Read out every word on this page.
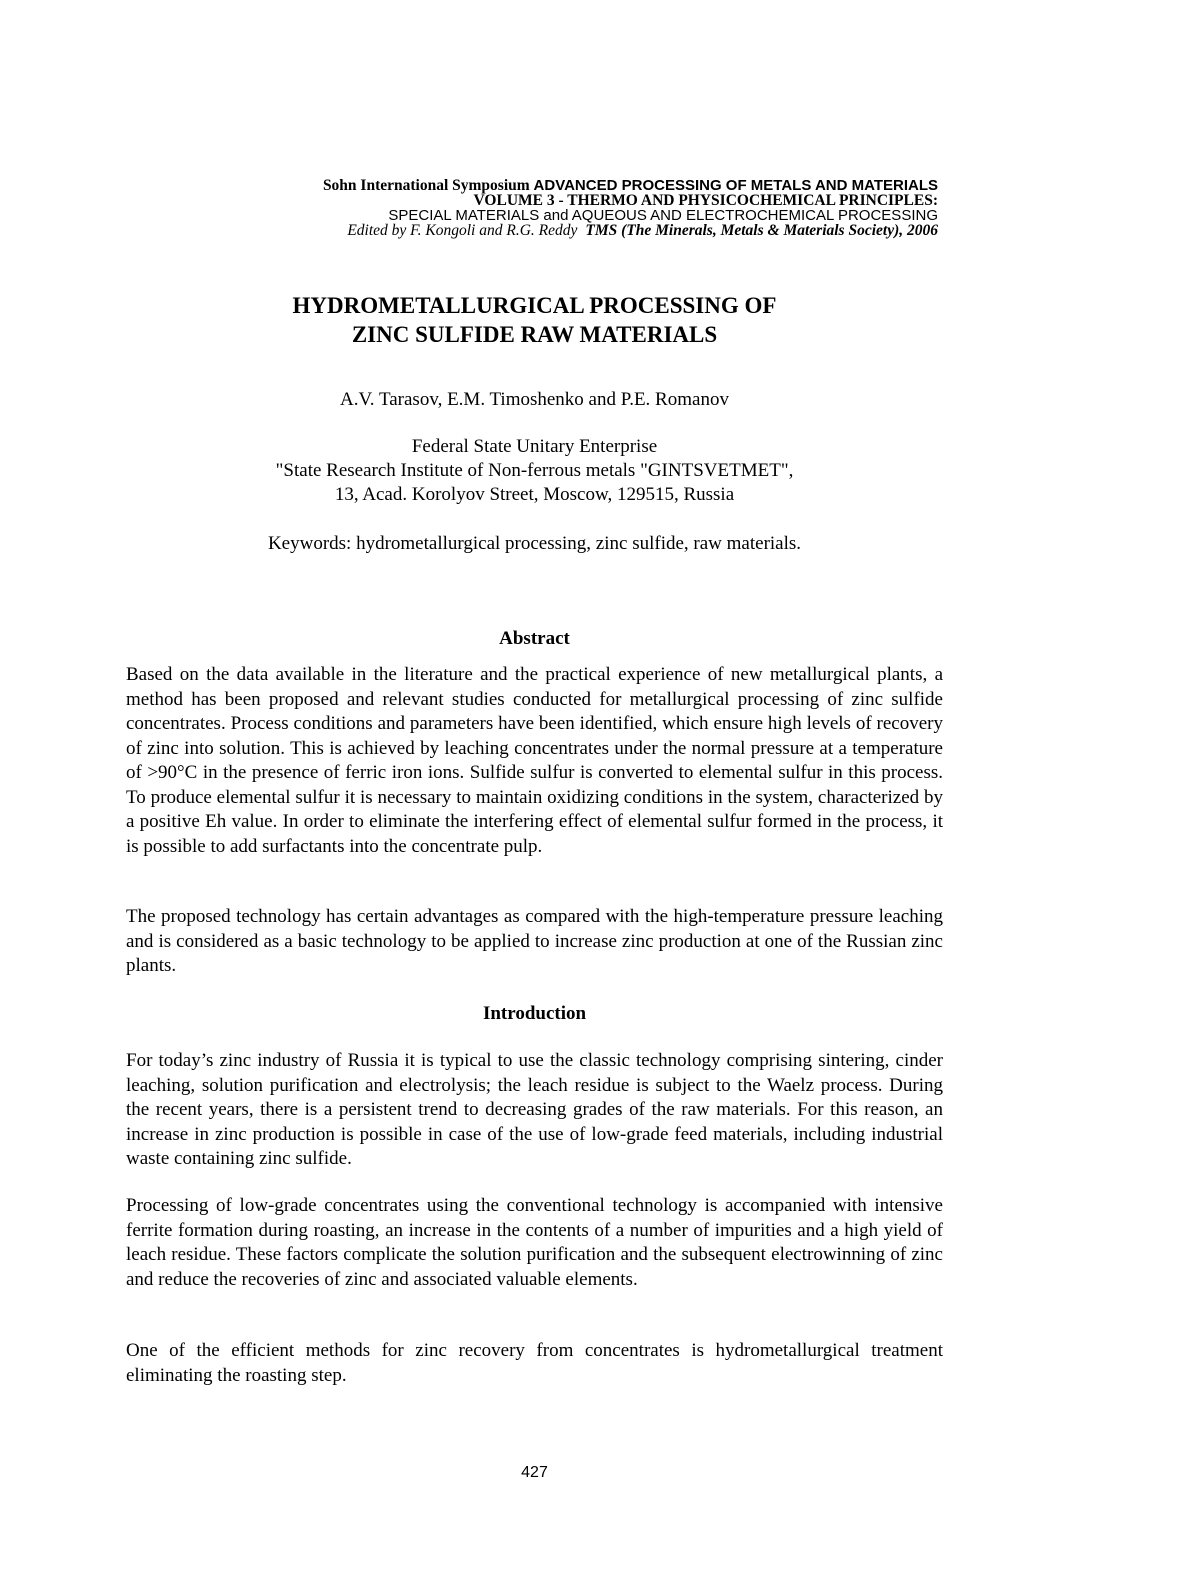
Sohn International Symposium ADVANCED PROCESSING OF METALS AND MATERIALS
VOLUME 3 - THERMO AND PHYSICOCHEMICAL PRINCIPLES:
SPECIAL MATERIALS and AQUEOUS AND ELECTROCHEMICAL PROCESSING
Edited by F. Kongoli and R.G. Reddy TMS (The Minerals, Metals & Materials Society), 2006
HYDROMETALLURGICAL PROCESSING OF
ZINC SULFIDE RAW MATERIALS
A.V. Tarasov, E.M. Timoshenko and P.E. Romanov
Federal State Unitary Enterprise
"State Research Institute of Non-ferrous metals "GINTSVETMET",
13, Acad. Korolyov Street, Moscow, 129515, Russia
Keywords: hydrometallurgical processing, zinc sulfide, raw materials.
Abstract
Based on the data available in the literature and the practical experience of new metallurgical plants, a method has been proposed and relevant studies conducted for metallurgical processing of zinc sulfide concentrates. Process conditions and parameters have been identified, which ensure high levels of recovery of zinc into solution. This is achieved by leaching concentrates under the normal pressure at a temperature of >90°C in the presence of ferric iron ions. Sulfide sulfur is converted to elemental sulfur in this process. To produce elemental sulfur it is necessary to maintain oxidizing conditions in the system, characterized by a positive Eh value. In order to eliminate the interfering effect of elemental sulfur formed in the process, it is possible to add surfactants into the concentrate pulp.
The proposed technology has certain advantages as compared with the high-temperature pressure leaching and is considered as a basic technology to be applied to increase zinc production at one of the Russian zinc plants.
Introduction
For today’s zinc industry of Russia it is typical to use the classic technology comprising sintering, cinder leaching, solution purification and electrolysis; the leach residue is subject to the Waelz process. During the recent years, there is a persistent trend to decreasing grades of the raw materials. For this reason, an increase in zinc production is possible in case of the use of low-grade feed materials, including industrial waste containing zinc sulfide.
Processing of low-grade concentrates using the conventional technology is accompanied with intensive ferrite formation during roasting, an increase in the contents of a number of impurities and a high yield of leach residue. These factors complicate the solution purification and the subsequent electrowinning of zinc and reduce the recoveries of zinc and associated valuable elements.
One of the efficient methods for zinc recovery from concentrates is hydrometallurgical treatment eliminating the roasting step.
427
